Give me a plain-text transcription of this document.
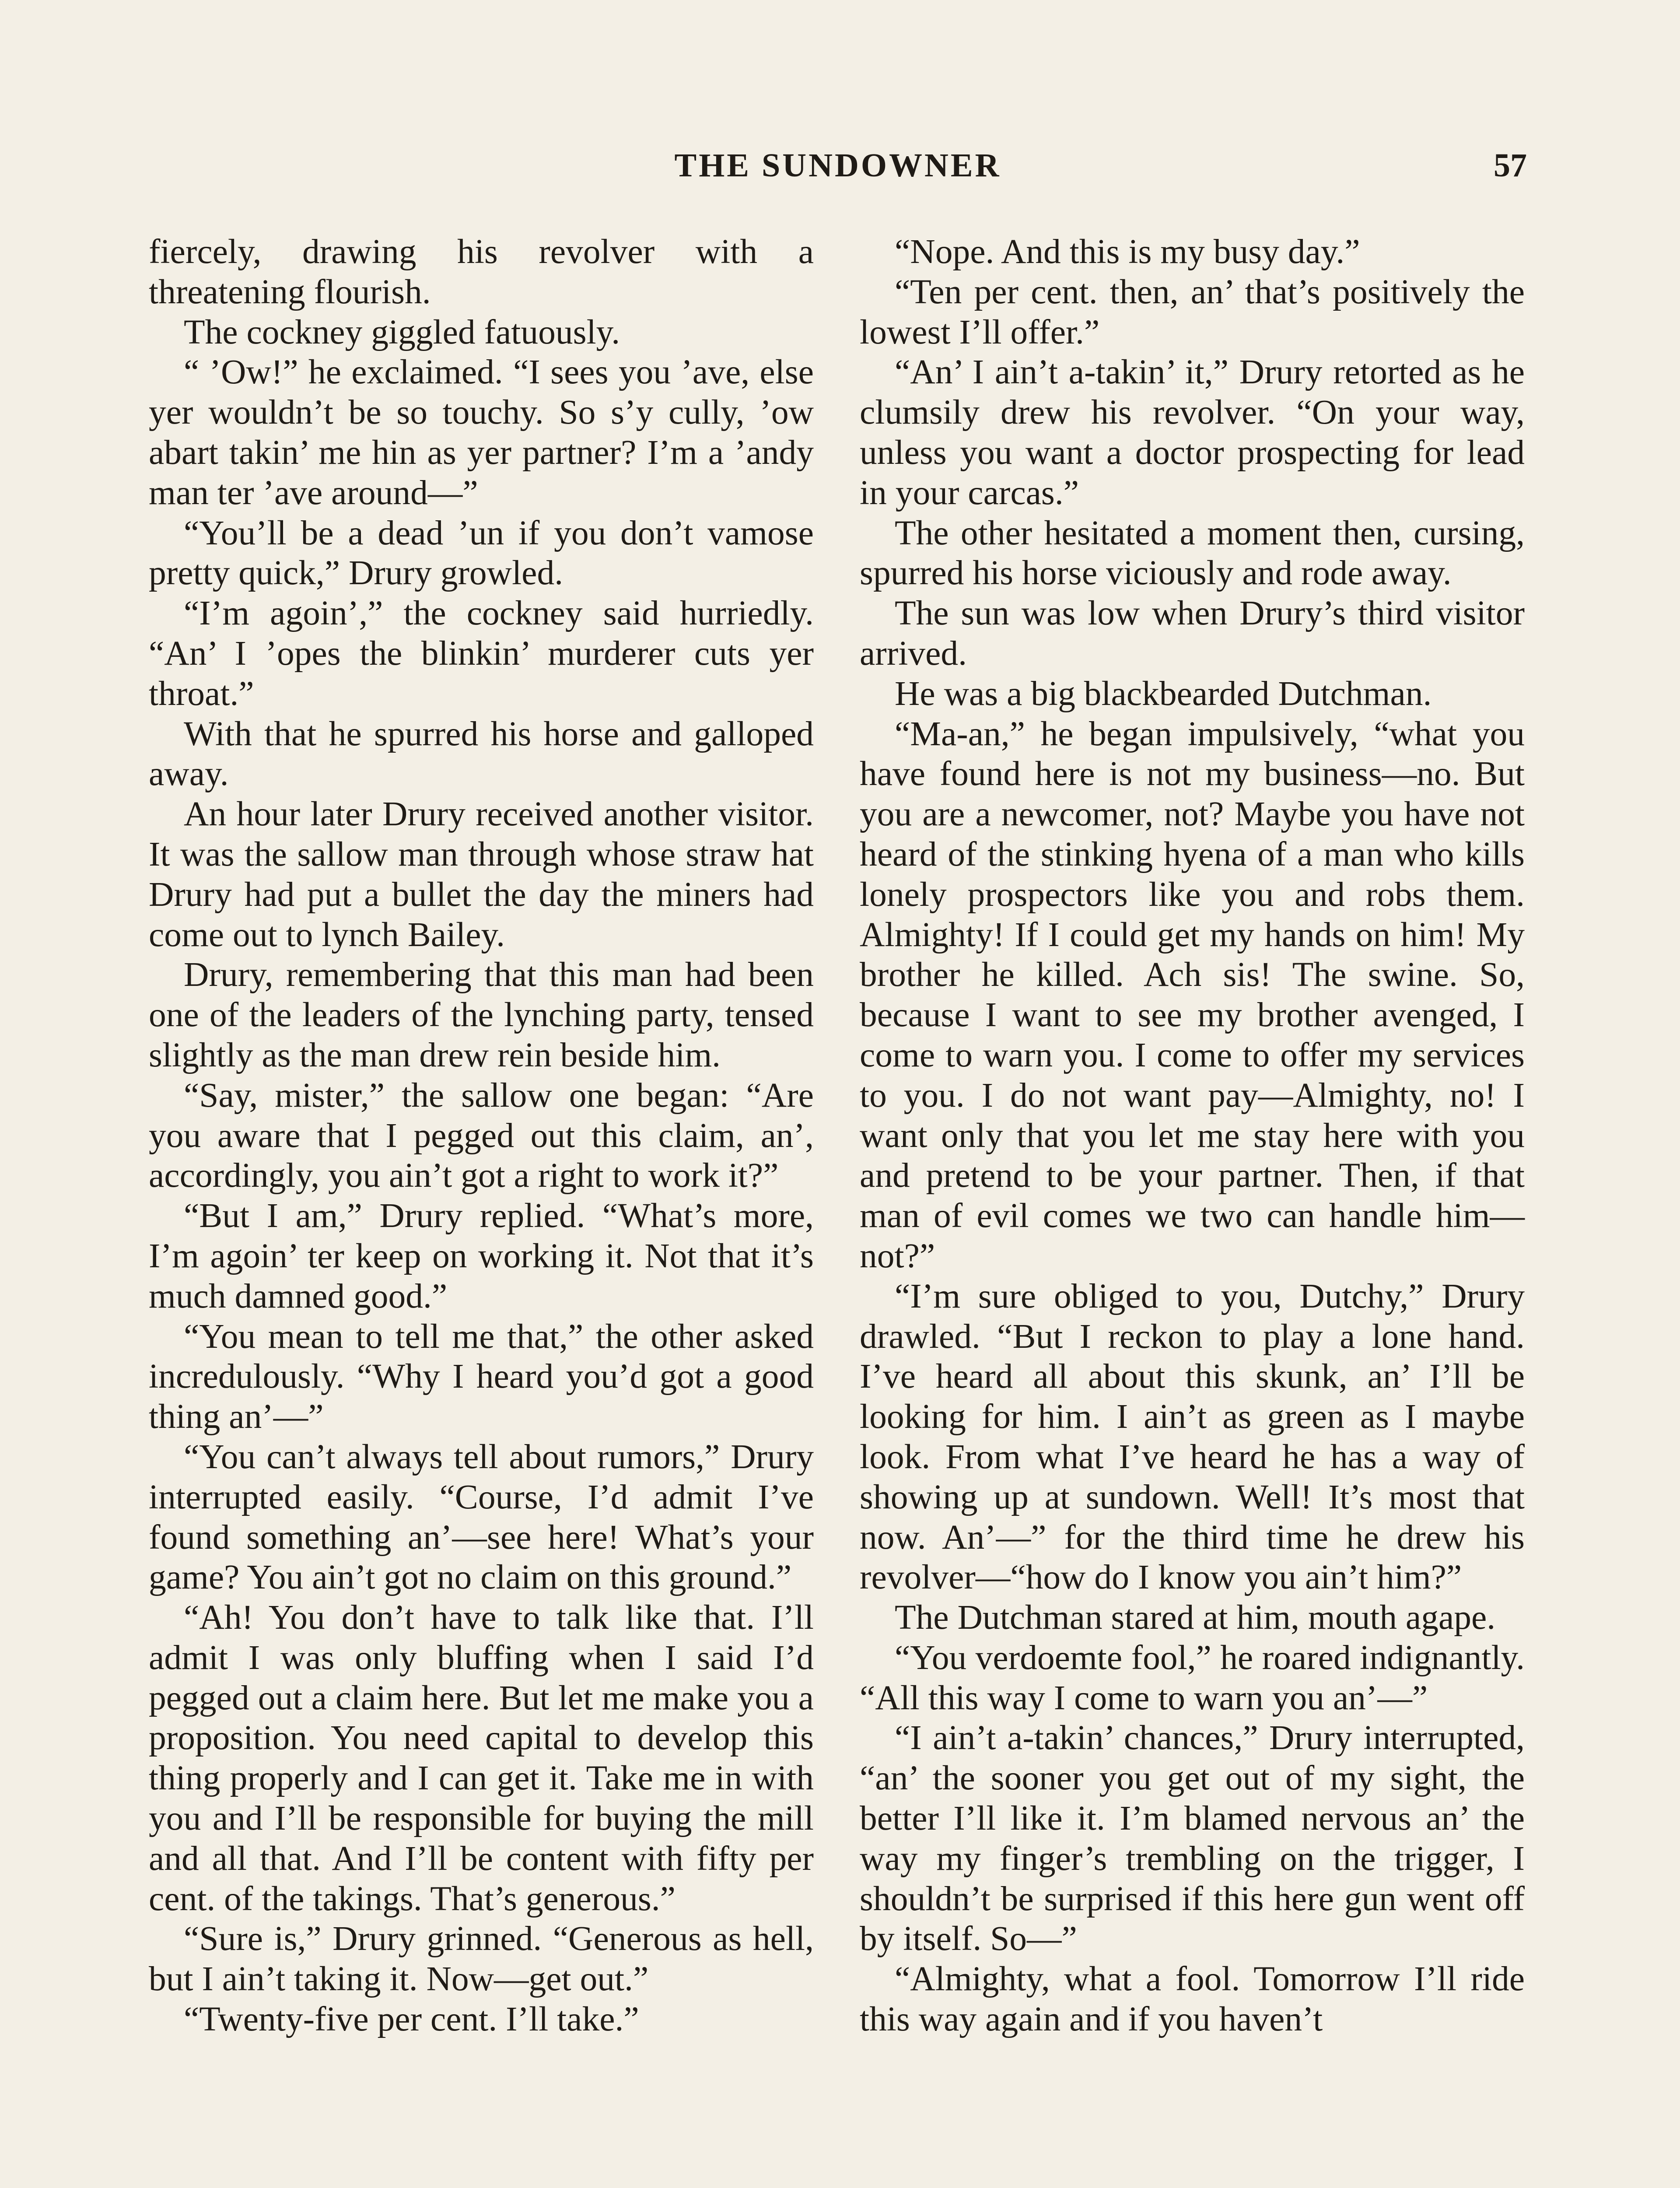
THE SUNDOWNER	57

fiercely, drawing his revolver with a threatening flourish.

The cockney giggled fatuously.

“ ’Ow!” he exclaimed. “I sees you ’ave, else yer wouldn’t be so touchy. So s’y cully, ’ow abart takin’ me hin as yer partner? I’m a ’andy man ter ’ave around—”

“You’ll be a dead ’un if you don’t vamose pretty quick,” Drury growled.

“I’m agoin’,” the cockney said hurriedly. “An’ I ’opes the blinkin’ murderer cuts yer throat.”

With that he spurred his horse and galloped away.

An hour later Drury received another visitor. It was the sallow man through whose straw hat Drury had put a bullet the day the miners had come out to lynch Bailey.

Drury, remembering that this man had been one of the leaders of the lynching party, tensed slightly as the man drew rein beside him.

“Say, mister,” the sallow one began: “Are you aware that I pegged out this claim, an’, accordingly, you ain’t got a right to work it?”

“But I am,” Drury replied. “What’s more, I’m agoin’ ter keep on working it. Not that it’s much damned good.”

“You mean to tell me that,” the other asked incredulously. “Why I heard you’d got a good thing an’—”

“You can’t always tell about rumors,” Drury interrupted easily. “Course, I’d admit I’ve found something an’—see here! What’s your game? You ain’t got no claim on this ground.”

“Ah! You don’t have to talk like that. I’ll admit I was only bluffing when I said I’d pegged out a claim here. But let me make you a proposition. You need capital to develop this thing properly and I can get it. Take me in with you and I’ll be responsible for buying the mill and all that. And I’ll be content with fifty per cent. of the takings. That’s generous.”

“Sure is,” Drury grinned. “Generous as hell, but I ain’t taking it. Now—get out.”

“Twenty-five per cent. I’ll take.”

“Nope. And this is my busy day.”

“Ten per cent. then, an’ that’s positively the lowest I’ll offer.”

“An’ I ain’t a-takin’ it,” Drury retorted as he clumsily drew his revolver. “On your way, unless you want a doctor prospecting for lead in your carcas.”

The other hesitated a moment then, cursing, spurred his horse viciously and rode away.

The sun was low when Drury’s third visitor arrived.

He was a big blackbearded Dutchman.

“Ma-an,” he began impulsively, “what you have found here is not my business—no. But you are a newcomer, not? Maybe you have not heard of the stinking hyena of a man who kills lonely prospectors like you and robs them. Almighty! If I could get my hands on him! My brother he killed. Ach sis! The swine. So, because I want to see my brother avenged, I come to warn you. I come to offer my services to you. I do not want pay—Almighty, no! I want only that you let me stay here with you and pretend to be your partner. Then, if that man of evil comes we two can handle him—not?”

“I’m sure obliged to you, Dutchy,” Drury drawled. “But I reckon to play a lone hand. I’ve heard all about this skunk, an’ I’ll be looking for him. I ain’t as green as I maybe look. From what I’ve heard he has a way of showing up at sundown. Well! It’s most that now. An’—” for the third time he drew his revolver—“how do I know you ain’t him?”

The Dutchman stared at him, mouth agape.

“You verdoemte fool,” he roared indignantly. “All this way I come to warn you an’—”

“I ain’t a-takin’ chances,” Drury interrupted, “an’ the sooner you get out of my sight, the better I’ll like it. I’m blamed nervous an’ the way my finger’s trembling on the trigger, I shouldn’t be surprised if this here gun went off by itself. So—”

“Almighty, what a fool. Tomorrow I’ll ride this way again and if you haven’t
